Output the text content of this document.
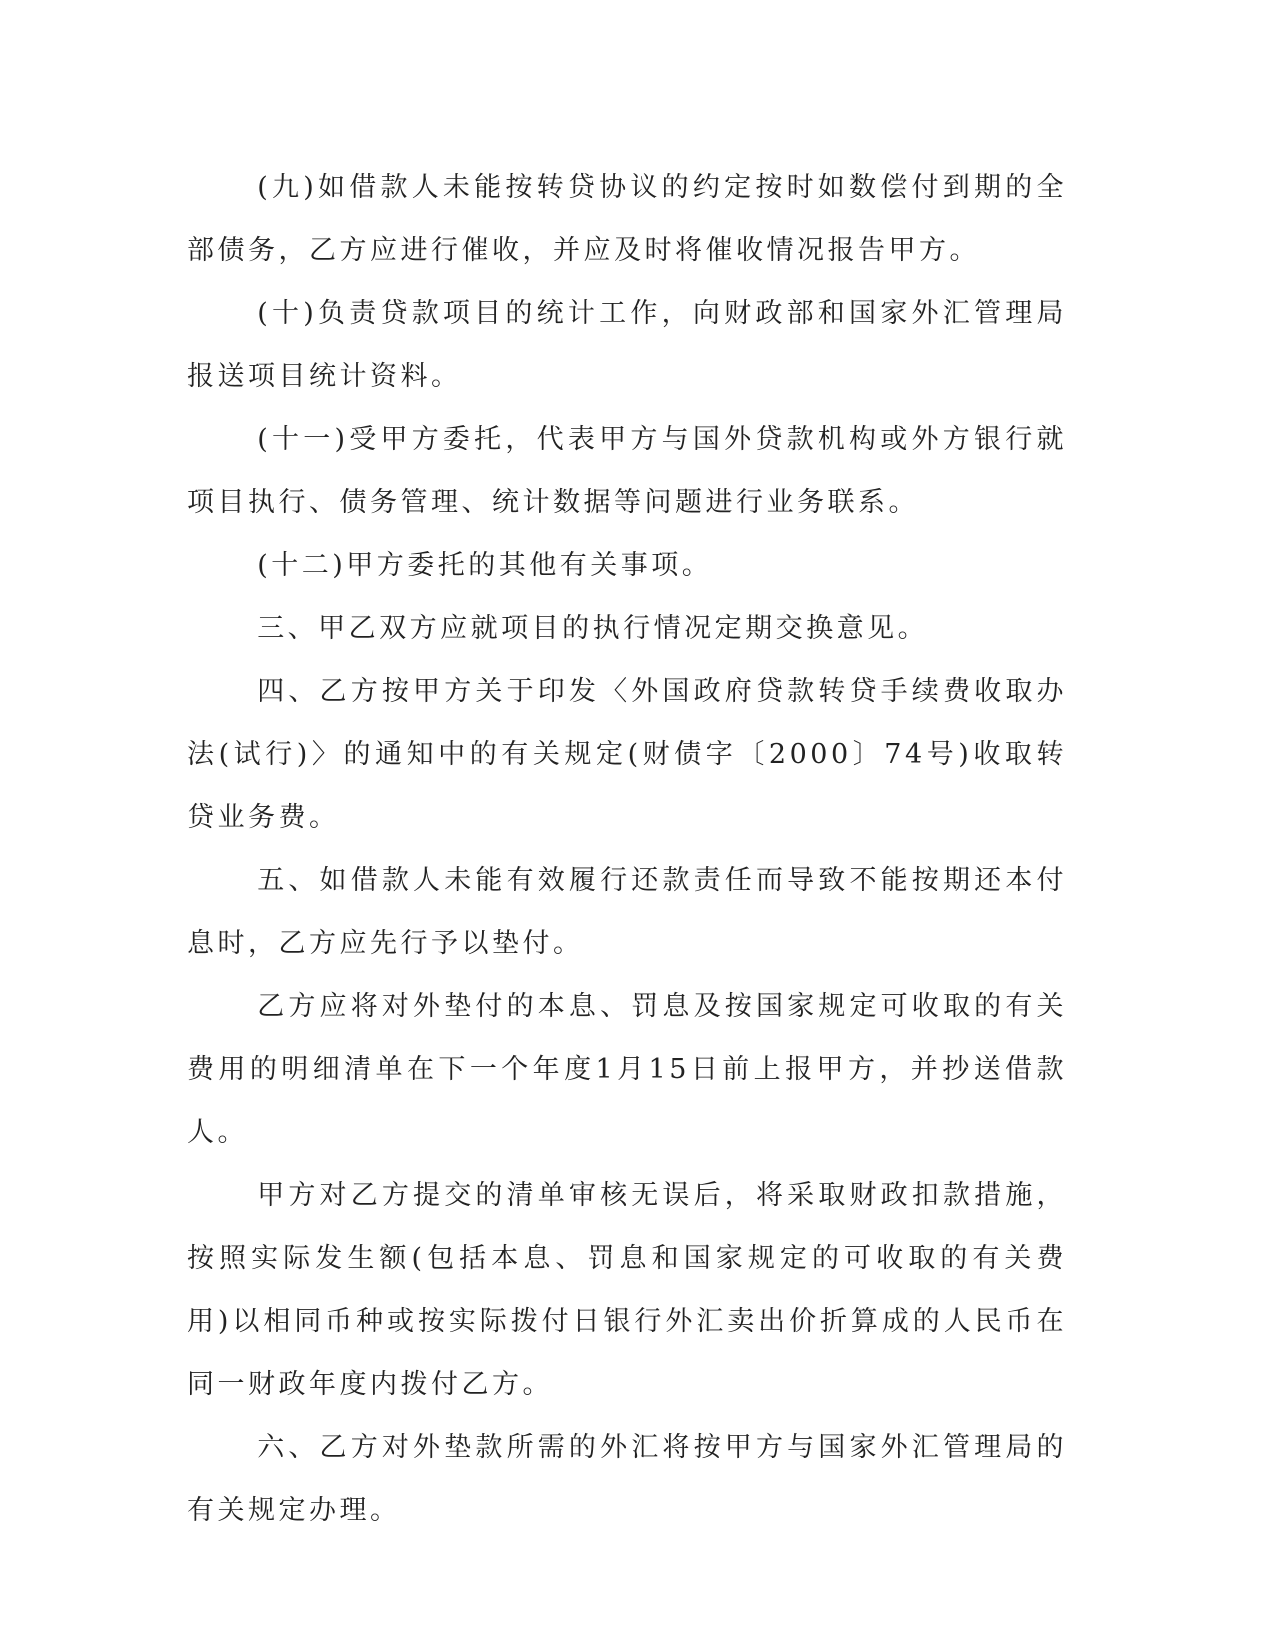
(九)如借款人未能按转贷协议的约定按时如数偿付到期的全部债务，乙方应进行催收，并应及时将催收情况报告甲方。

(十)负责贷款项目的统计工作，向财政部和国家外汇管理局报送项目统计资料。

(十一)受甲方委托，代表甲方与国外贷款机构或外方银行就项目执行、债务管理、统计数据等问题进行业务联系。

(十二)甲方委托的其他有关事项。

三、甲乙双方应就项目的执行情况定期交换意见。

四、乙方按甲方关于印发〈外国政府贷款转贷手续费收取办法(试行)〉的通知中的有关规定(财债字〔2000〕74号)收取转贷业务费。

五、如借款人未能有效履行还款责任而导致不能按期还本付息时，乙方应先行予以垫付。

乙方应将对外垫付的本息、罚息及按国家规定可收取的有关费用的明细清单在下一个年度1月15日前上报甲方，并抄送借款人。

甲方对乙方提交的清单审核无误后，将采取财政扣款措施，按照实际发生额(包括本息、罚息和国家规定的可收取的有关费用)以相同币种或按实际拨付日银行外汇卖出价折算成的人民币在同一财政年度内拨付乙方。

六、乙方对外垫款所需的外汇将按甲方与国家外汇管理局的有关规定办理。
